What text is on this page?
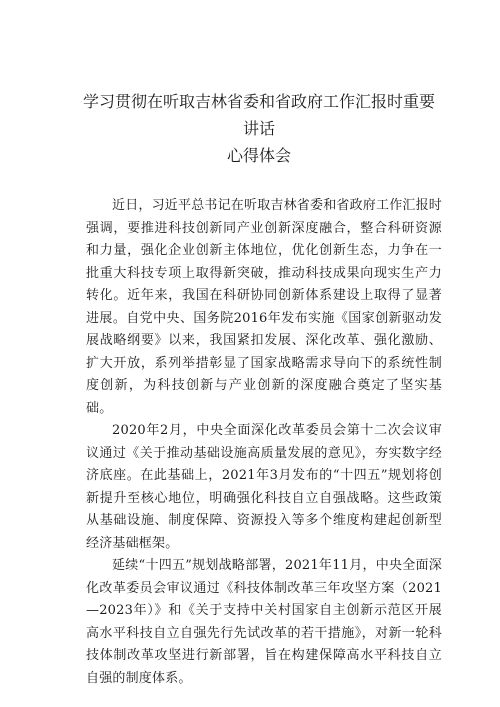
学习贯彻在听取吉林省委和省政府工作汇报时重要讲话
心得体会

近日，习近平总书记在听取吉林省委和省政府工作汇报时强调，要推进科技创新同产业创新深度融合，整合科研资源和力量，强化企业创新主体地位，优化创新生态，力争在一批重大科技专项上取得新突破，推动科技成果向现实生产力转化。近年来，我国在科研协同创新体系建设上取得了显著进展。自党中央、国务院2016年发布实施《国家创新驱动发展战略纲要》以来，我国紧扣发展、深化改革、强化激励、扩大开放，系列举措彰显了国家战略需求导向下的系统性制度创新，为科技创新与产业创新的深度融合奠定了坚实基础。

2020年2月，中央全面深化改革委员会第十二次会议审议通过《关于推动基础设施高质量发展的意见》，夯实数字经济底座。在此基础上，2021年3月发布的“十四五”规划将创新提升至核心地位，明确强化科技自立自强战略。这些政策从基础设施、制度保障、资源投入等多个维度构建起创新型经济基础框架。

延续“十四五”规划战略部署，2021年11月，中央全面深化改革委员会审议通过《科技体制改革三年攻坚方案（2021—2023年）》和《关于支持中关村国家自主创新示范区开展高水平科技自立自强先行先试改革的若干措施》，对新一轮科技体制改革攻坚进行新部署，旨在构建保障高水平科技自立自强的制度体系。
